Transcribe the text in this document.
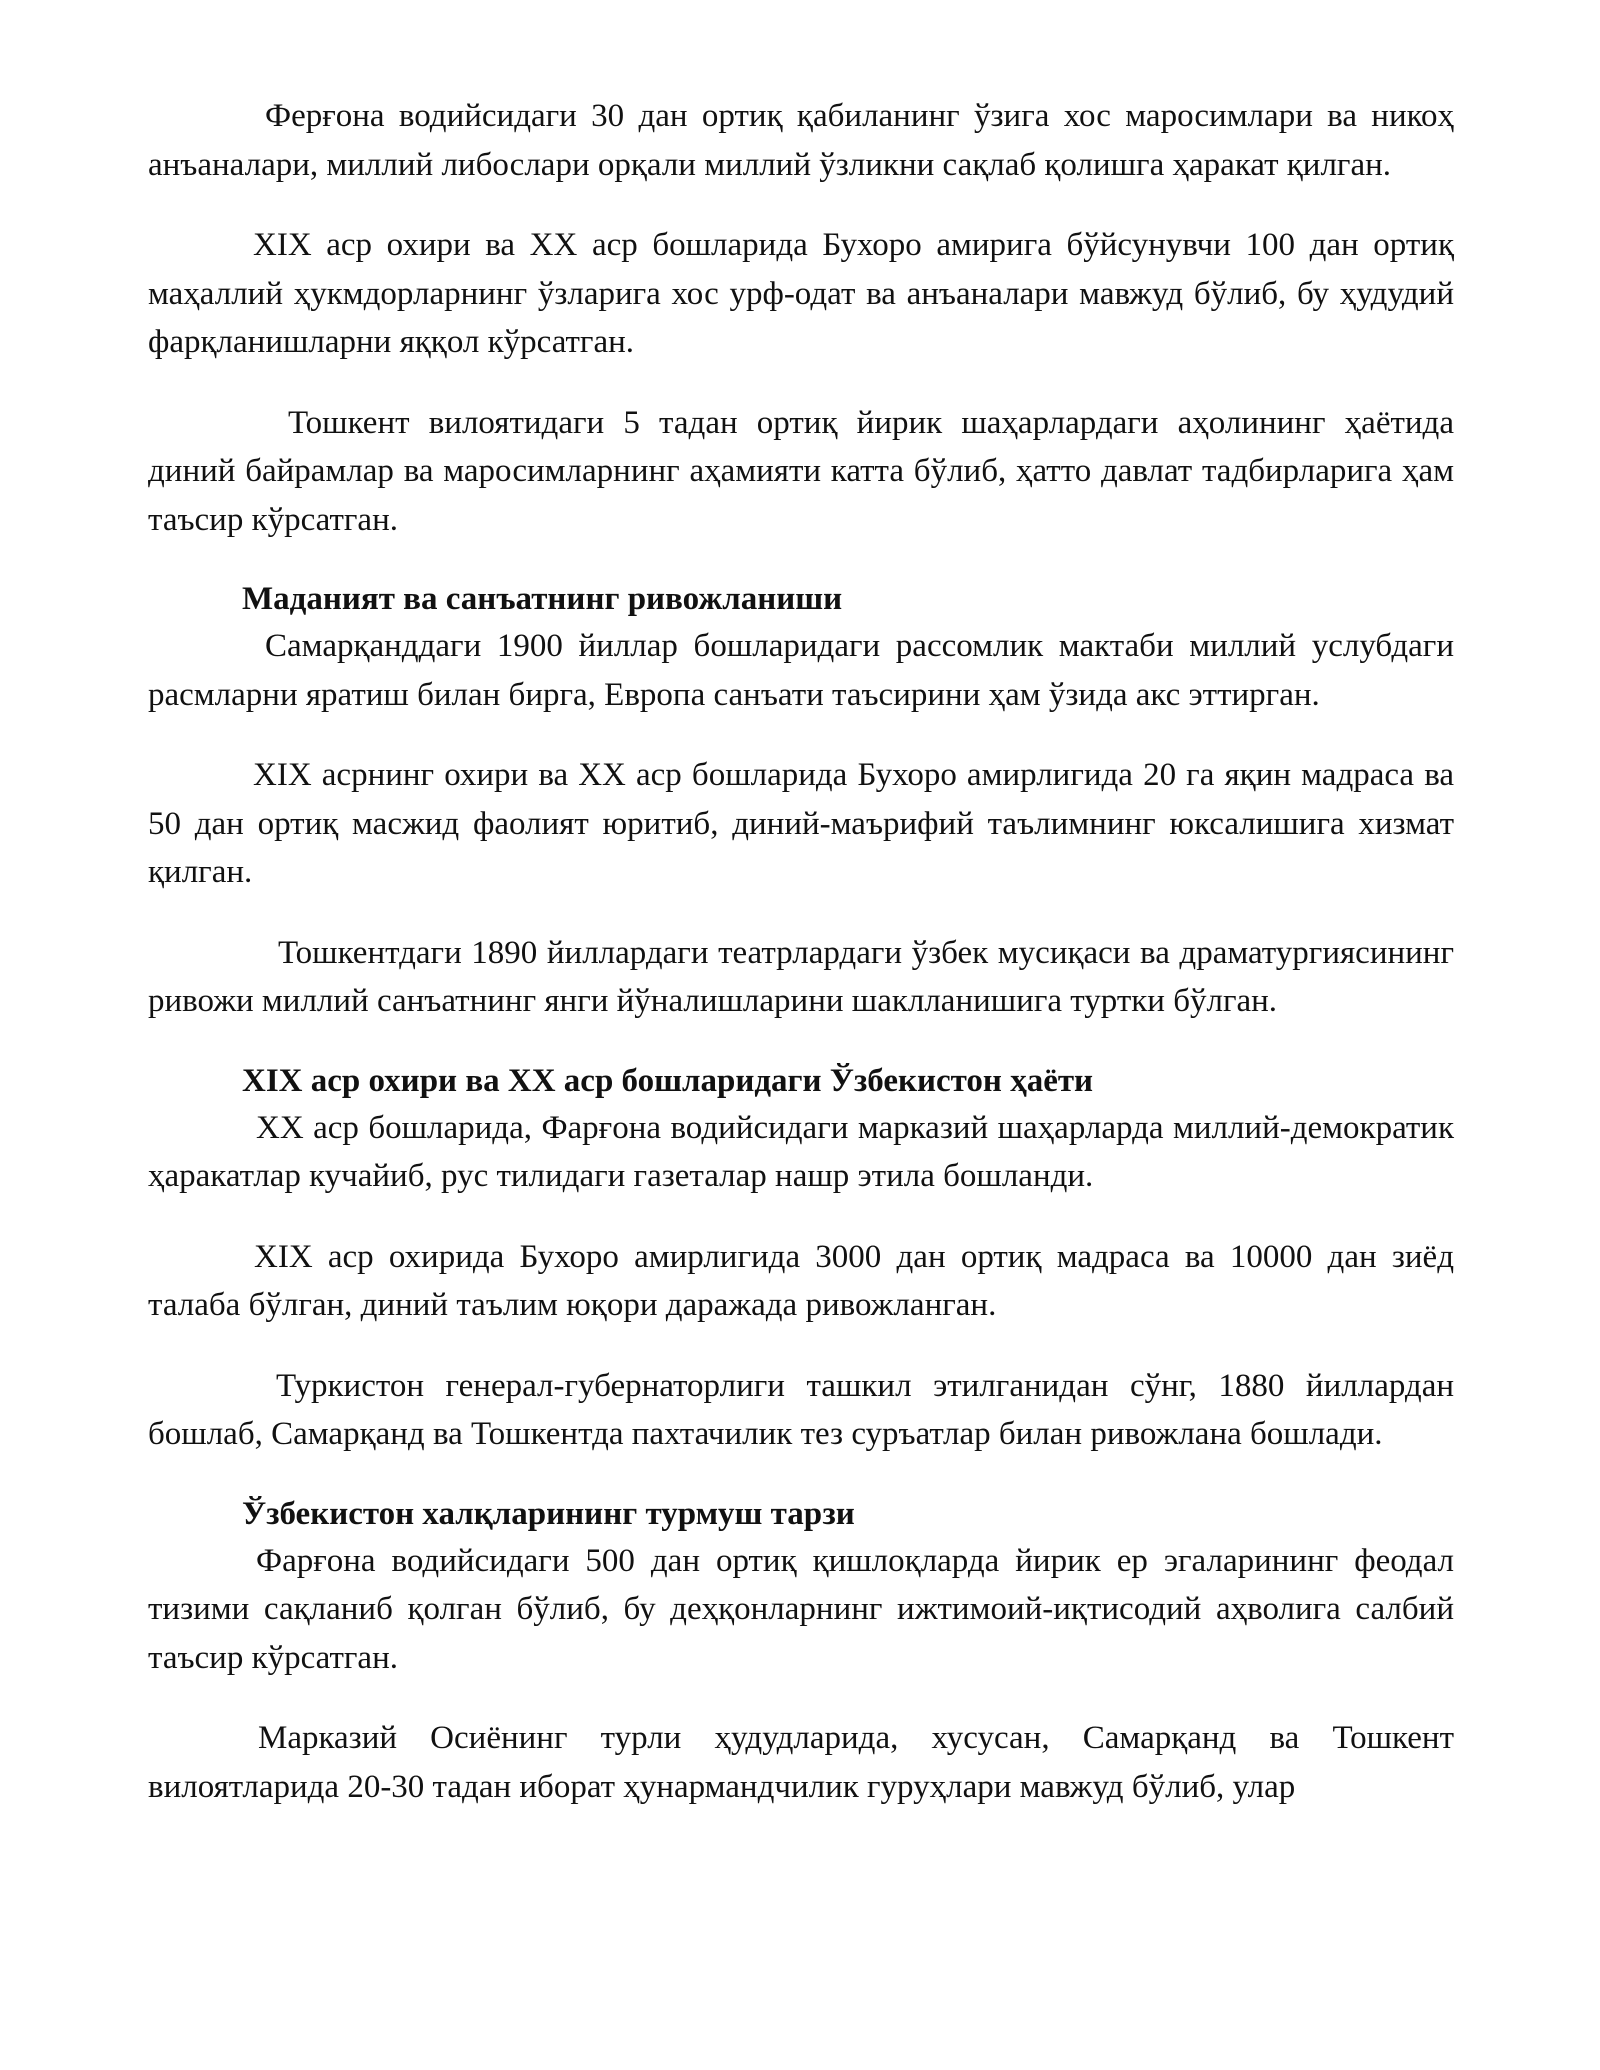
Ферғона водийсидаги 30 дан ортиқ қабиланинг ўзига хос маросимлари ва никоҳ анъаналари, миллий либослари орқали миллий ўзликни сақлаб қолишга ҳаракат қилган.

XIX аср охири ва XX аср бошларида Бухоро амирига бўйсунувчи 100 дан ортиқ маҳаллий ҳукмдорларнинг ўзларига хос урф-одат ва анъаналари мавжуд бўлиб, бу ҳудудий фарқланишларни яққол кўрсатган.

Тошкент вилоятидаги 5 тадан ортиқ йирик шаҳарлардаги аҳолининг ҳаётида диний байрамлар ва маросимларнинг аҳамияти катта бўлиб, ҳатто давлат тадбирларига ҳам таъсир кўрсатган.

Маданият ва санъатнинг ривожланиши

Самарқанддаги 1900 йиллар бошларидаги рассомлик мактаби миллий услубдаги расмларни яратиш билан бирга, Европа санъати таъсирини ҳам ўзида акс эттирган.

XIX асрнинг охири ва XX аср бошларида Бухоро амирлигида 20 га яқин мадраса ва 50 дан ортиқ масжид фаолият юритиб, диний-маърифий таълимнинг юксалишига хизмат қилган.

Тошкентдаги 1890 йиллардаги театрлардаги ўзбек мусиқаси ва драматургиясининг ривожи миллий санъатнинг янги йўналишларини шаклланишига туртки бўлган.

XIX аср охири ва XX аср бошларидаги Ўзбекистон ҳаёти

XX аср бошларида, Фарғона водийсидаги марказий шаҳарларда миллий-демократик ҳаракатлар кучайиб, рус тилидаги газеталар нашр этила бошланди.

XIX аср охирида Бухоро амирлигида 3000 дан ортиқ мадраса ва 10000 дан зиёд талаба бўлган, диний таълим юқори даражада ривожланган.

Туркистон генерал-губернаторлиги ташкил этилганидан сўнг, 1880 йиллардан бошлаб, Самарқанд ва Тошкентда пахтачилик тез суръатлар билан ривожлана бошлади.

Ўзбекистон халқларининг турмуш тарзи

Фарғона водийсидаги 500 дан ортиқ қишлоқларда йирик ер эгаларининг феодал тизими сақланиб қолган бўлиб, бу деҳқонларнинг ижтимоий-иқтисодий аҳволига салбий таъсир кўрсатган.

Марказий Осиёнинг турли ҳудудларида, хусусан, Самарқанд ва Тошкент вилоятларида 20-30 тадан иборат ҳунармандчилик гуруҳлари мавжуд бўлиб, улар
